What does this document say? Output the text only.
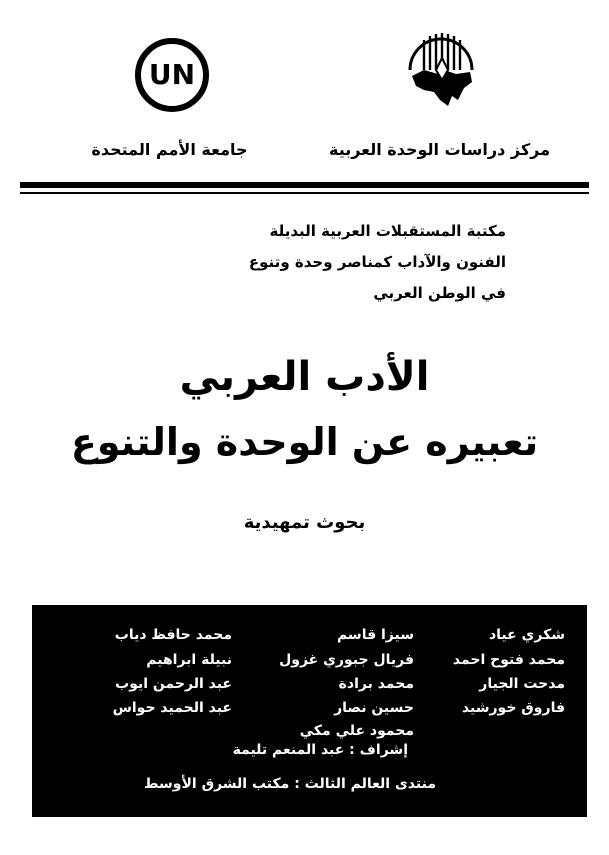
UN
جامعة الأمم المتحدة	مركز دراسات الوحدة العربية
مكتبة المستقبلات العربية البديلة
الفنون والآداب كمناصر وحدة وتنوع
في الوطن العربي
الأدب العربي
تعبيره عن الوحدة والتنوع
بحوث تمهيدية
شكري عياد
محمد فتوح احمد
مدحت الجيار
فاروق خورشيد
سيزا قاسم
فريال جبوري غزول
محمد برادة
حسين نصار
محمود علي مكي
محمد حافظ دياب
نبيلة ابراهيم
عبد الرحمن ايوب
عبد الحميد حواس
إشراف : عبد المنعم تليمة
منتدى العالم الثالث : مكتب الشرق الأوسط
